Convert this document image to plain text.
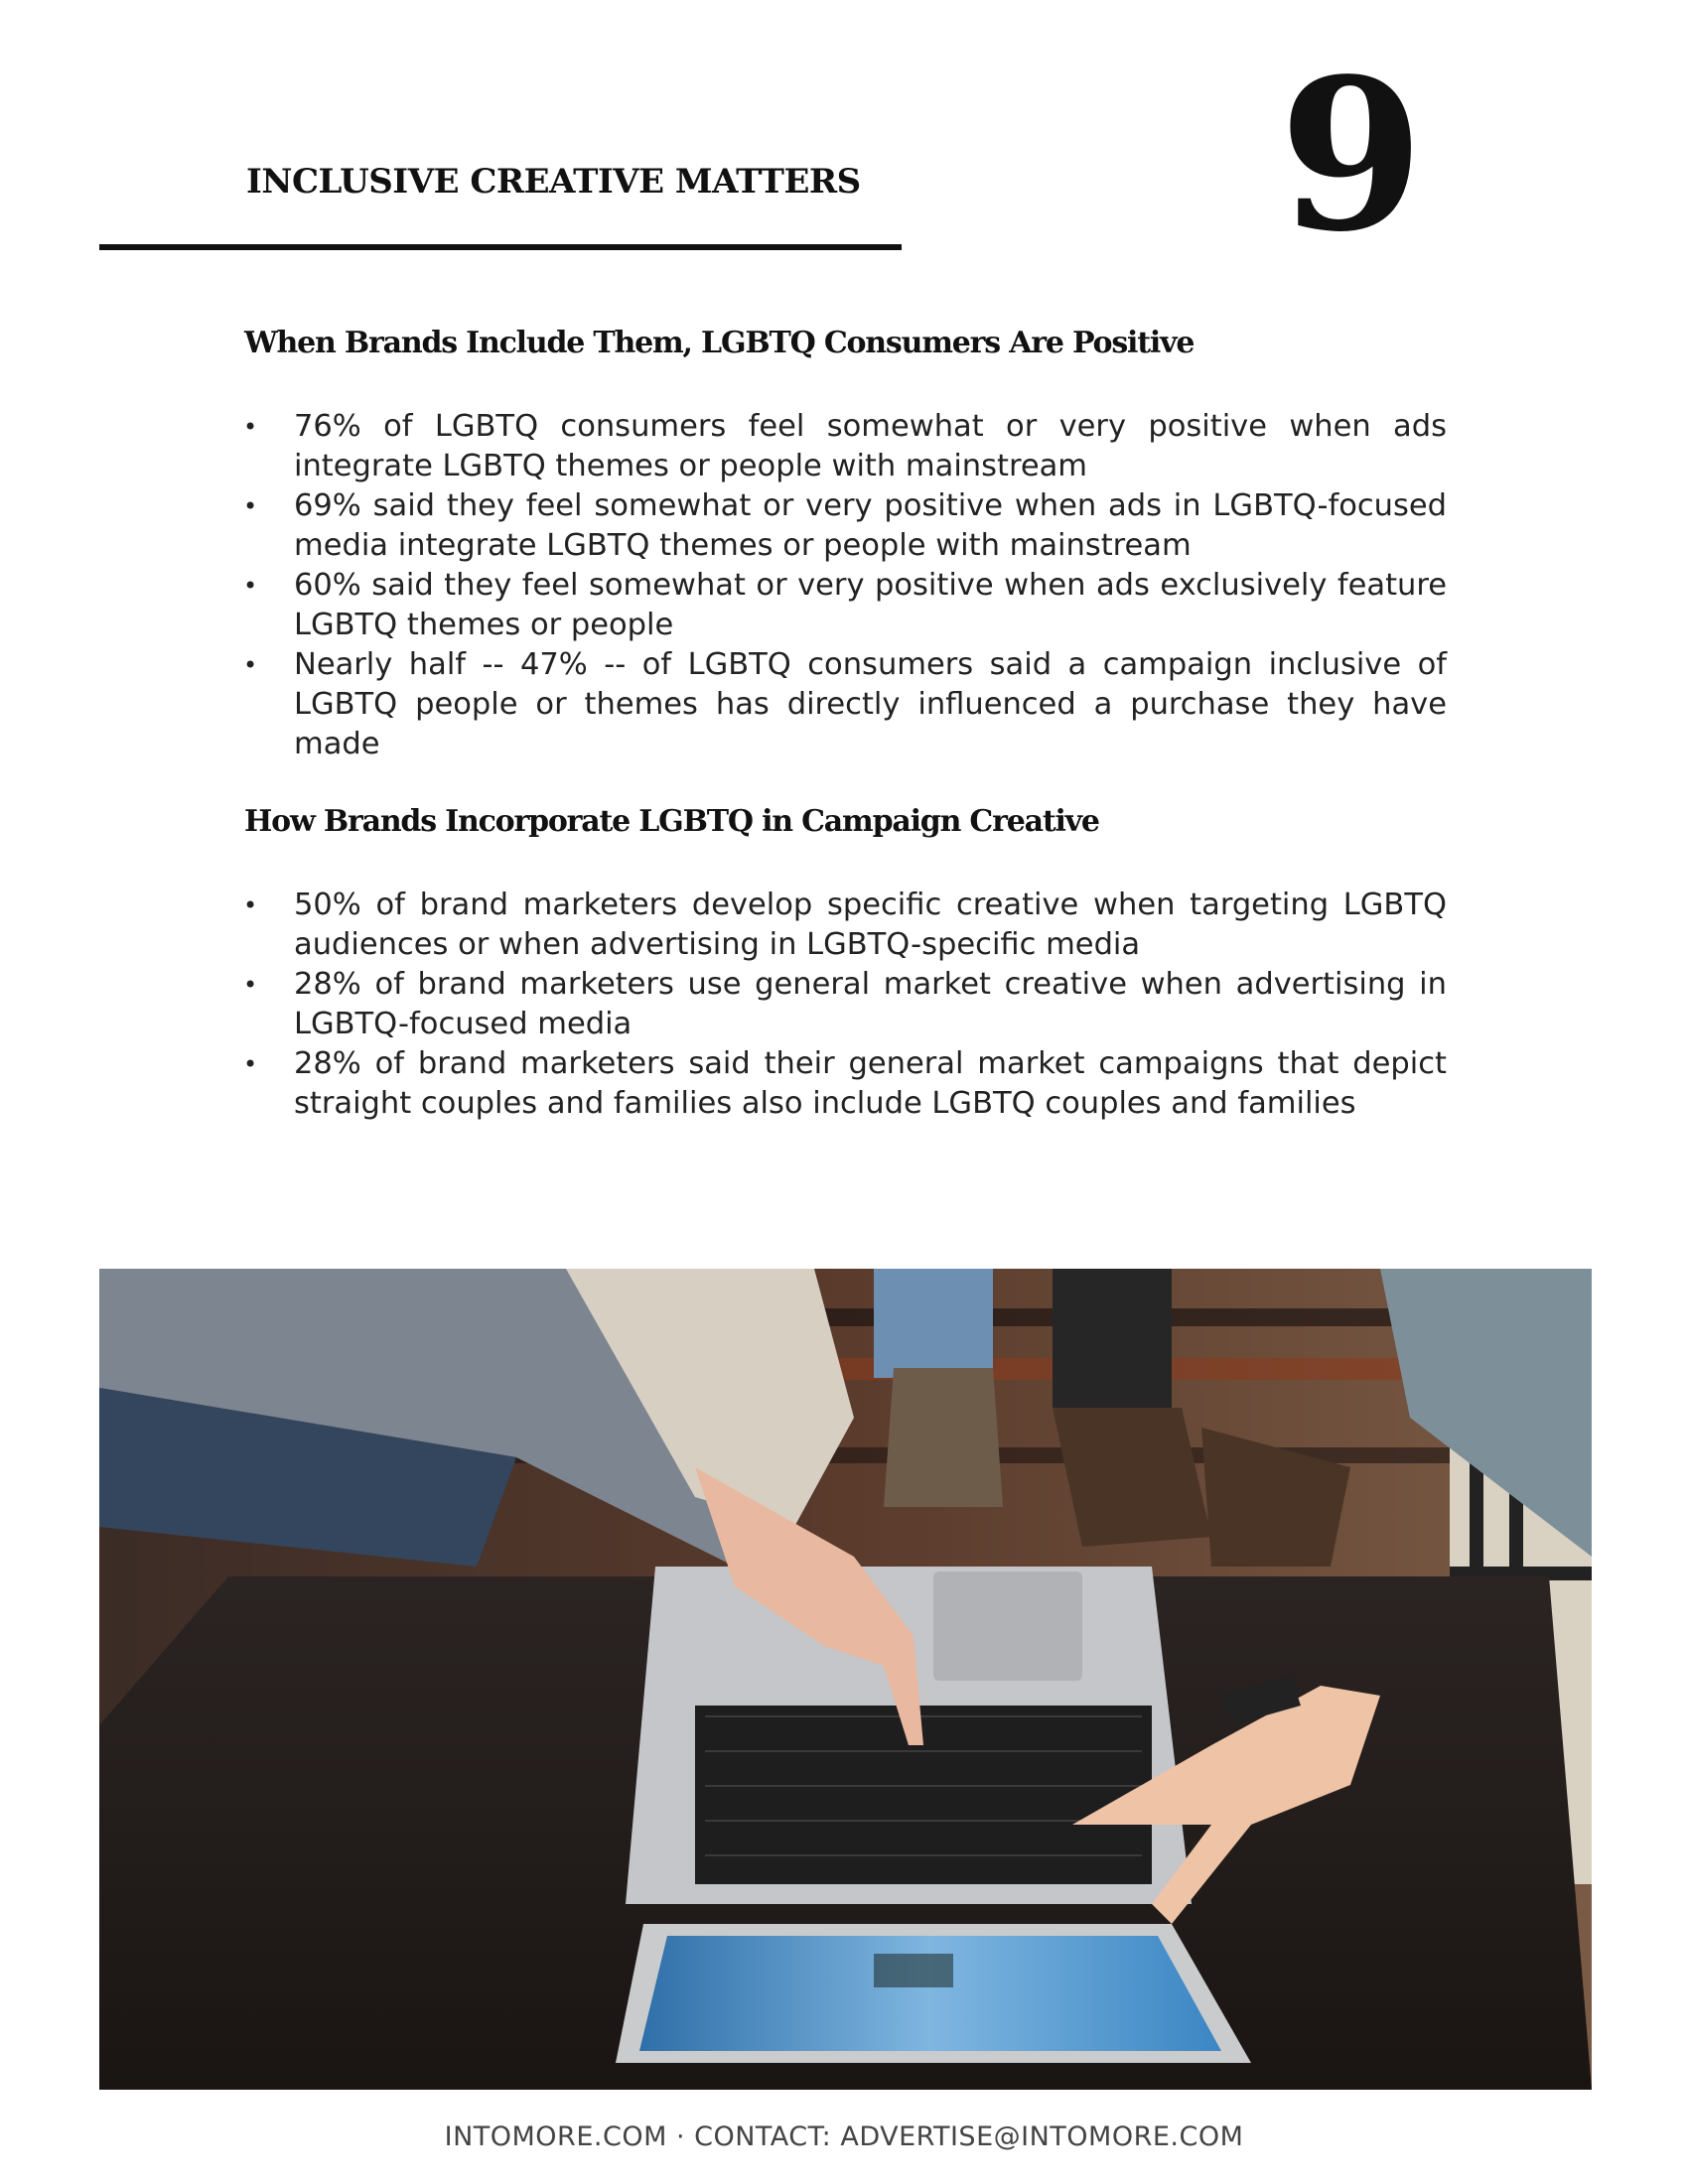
INCLUSIVE CREATIVE MATTERS 9
When Brands Include Them, LGBTQ Consumers Are Positive
• 76% of LGBTQ consumers feel somewhat or very positive when ads integrate LGBTQ themes or people with mainstream
• 69% said they feel somewhat or very positive when ads in LGBTQ-focused media integrate LGBTQ themes or people with mainstream
• 60% said they feel somewhat or very positive when ads exclusively feature LGBTQ themes or people
• Nearly half -- 47% -- of LGBTQ consumers said a campaign inclusive of LGBTQ people or themes has directly influenced a purchase they have made
How Brands Incorporate LGBTQ in Campaign Creative
• 50% of brand marketers develop specific creative when targeting LGBTQ audiences or when advertising in LGBTQ-specific media
• 28% of brand marketers use general market creative when advertising in LGBTQ-focused media
• 28% of brand marketers said their general market campaigns that depict straight couples and families also include LGBTQ couples and families
INTOMORE.COM · CONTACT: ADVERTISE@INTOMORE.COM
